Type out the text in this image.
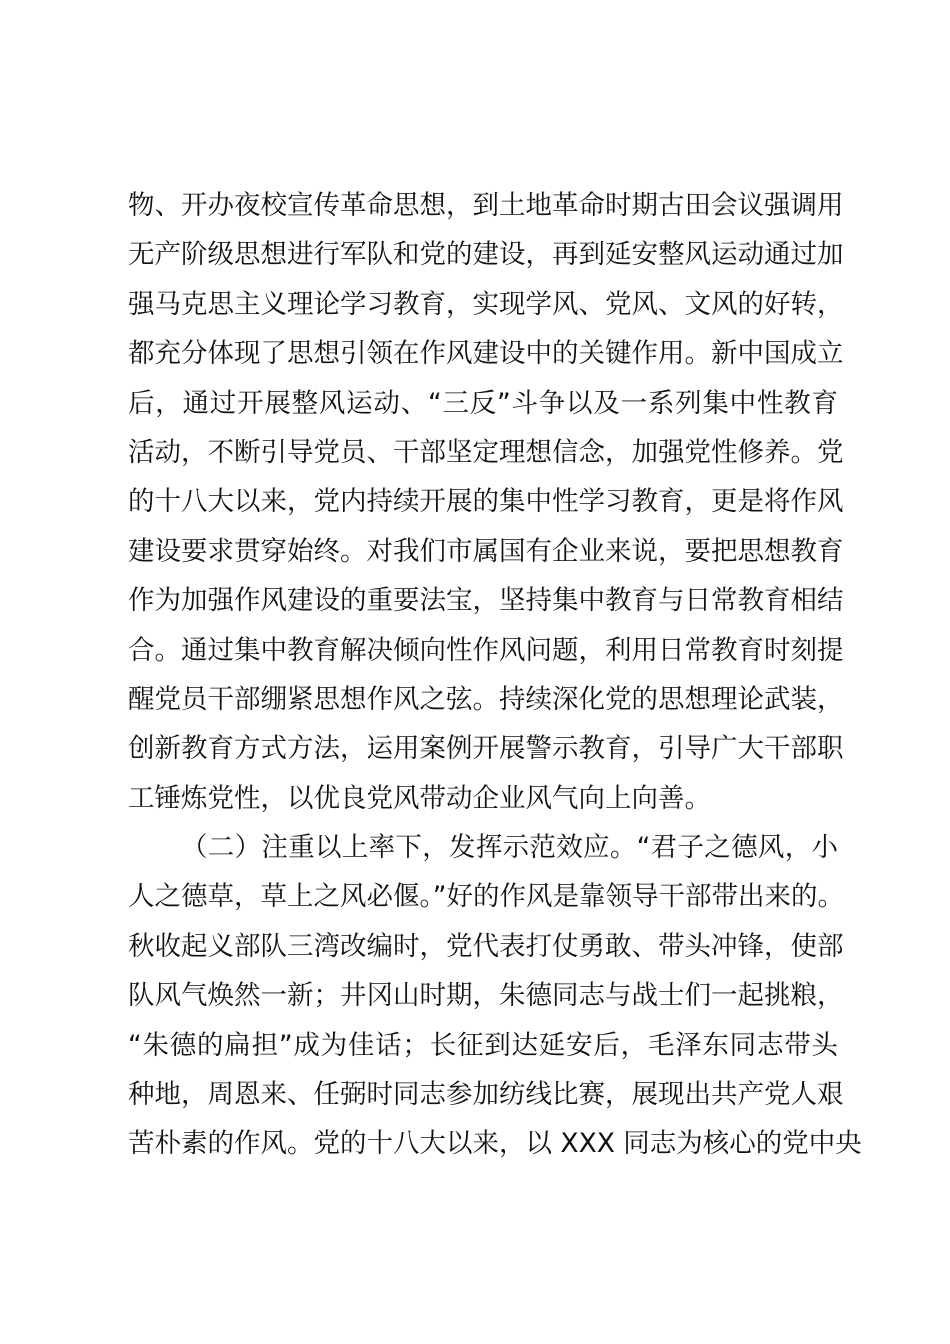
物、开办夜校宣传革命思想，到土地革命时期古田会议强调用
无产阶级思想进行军队和党的建设，再到延安整风运动通过加
强马克思主义理论学习教育，实现学风、党风、文风的好转，
都充分体现了思想引领在作风建设中的关键作用。新中国成立
后，通过开展整风运动、“三反”斗争以及一系列集中性教育
活动，不断引导党员、干部坚定理想信念，加强党性修养。党
的十八大以来，党内持续开展的集中性学习教育，更是将作风
建设要求贯穿始终。对我们市属国有企业来说，要把思想教育
作为加强作风建设的重要法宝，坚持集中教育与日常教育相结
合。通过集中教育解决倾向性作风问题，利用日常教育时刻提
醒党员干部绷紧思想作风之弦。持续深化党的思想理论武装，
创新教育方式方法，运用案例开展警示教育，引导广大干部职
工锤炼党性，以优良党风带动企业风气向上向善。
（二）注重以上率下，发挥示范效应。“君子之德风，小
人之德草，草上之风必偃。”好的作风是靠领导干部带出来的。
秋收起义部队三湾改编时，党代表打仗勇敢、带头冲锋，使部
队风气焕然一新；井冈山时期，朱德同志与战士们一起挑粮，
“朱德的扁担”成为佳话；长征到达延安后，毛泽东同志带头
种地，周恩来、任弼时同志参加纺线比赛，展现出共产党人艰
苦朴素的作风。党的十八大以来，以 XXX 同志为核心的党中央
